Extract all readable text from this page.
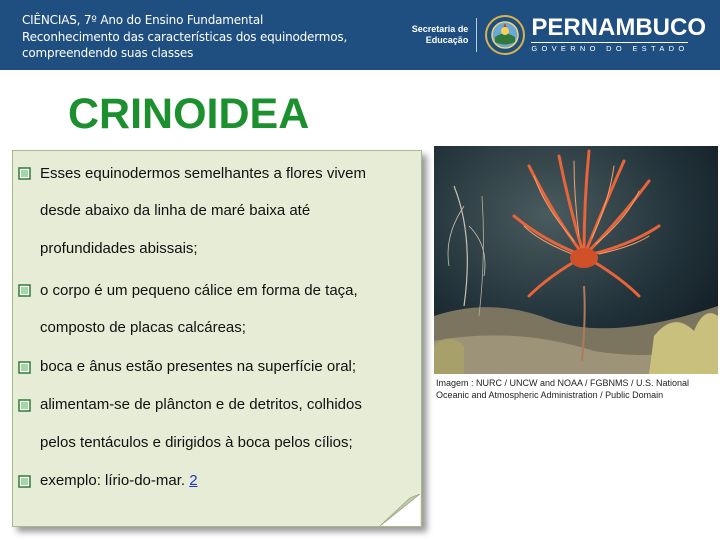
CIÊNCIAS, 7º Ano do Ensino Fundamental
Reconhecimento das características dos equinodermos,
compreendendo suas classes
Secretaria de
Educação	PERNAMBUCO
GOVERNO DO ESTADO
CRINOIDEA
Esses equinodermos semelhantes a flores vivem
desde abaixo da linha de maré baixa até
profundidades abissais;
o corpo é um pequeno cálice em forma de taça,
composto de placas calcáreas;
boca e ânus estão presentes na superfície oral;
alimentam-se de plâncton e de detritos, colhidos
pelos tentáculos e dirigidos à boca pelos cílios;
exemplo: lírio-do-mar. 2
Imagem : NURC / UNCW and NOAA / FGBNMS / U.S. National
Oceanic and Atmospheric Administration / Public Domain
